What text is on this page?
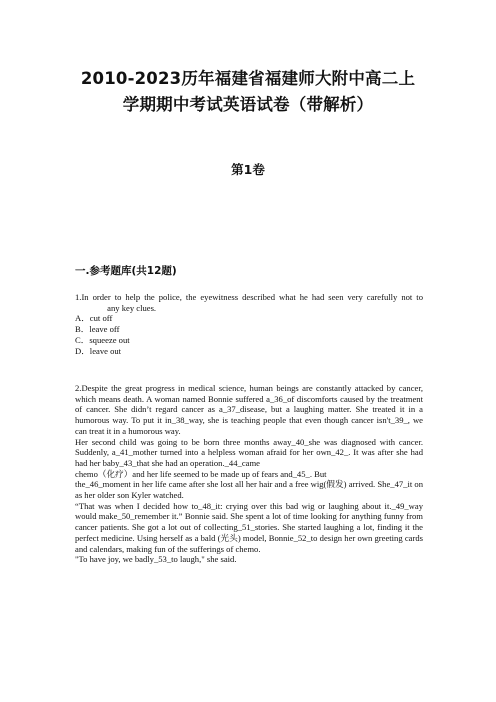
2010-2023历年福建省福建师大附中高二上
学期期中考试英语试卷（带解析）
第1卷
一.参考题库(共12题)

1.In order to help the police, the eyewitness described what he had seen very carefully not to  any key clues.

A．cut off
B．leave off
C．squeeze out
D．leave out

2.Despite the great progress in medical science, human beings are constantly attacked by cancer, which means death. A woman named Bonnie suffered a_36_of discomforts caused by the treatment of cancer. She didn’t regard cancer as a_37_disease, but a laughing matter. She treated it in a humorous way. To put it in_38_way, she is teaching people that even though cancer isn't_39_, we can treat it in a humorous way.

Her second child was going to be born three months away_40_she was diagnosed with cancer. Suddenly, a_41_mother turned into a helpless woman afraid for her own_42_. It was after she had had her baby_43_that she had an operation._44_came

chemo（化疗）and her life seemed to be made up of fears and_45_. But

the_46_moment in her life came after she lost all her hair and a free wig(假发) arrived. She_47_it on as her older son Kyler watched.

“That was when I decided how to_48_it: crying over this bad wig or laughing about it._49_way would make_50_remember it.” Bonnie said. She spent a lot of time looking for anything funny from cancer patients. She got a lot out of collecting_51_stories. She started laughing a lot, finding it the perfect medicine. Using herself as a bald (光头) model, Bonnie_52_to design her own greeting cards and calendars, making fun of the sufferings of chemo.

"To have joy, we badly_53_to laugh," she said.
